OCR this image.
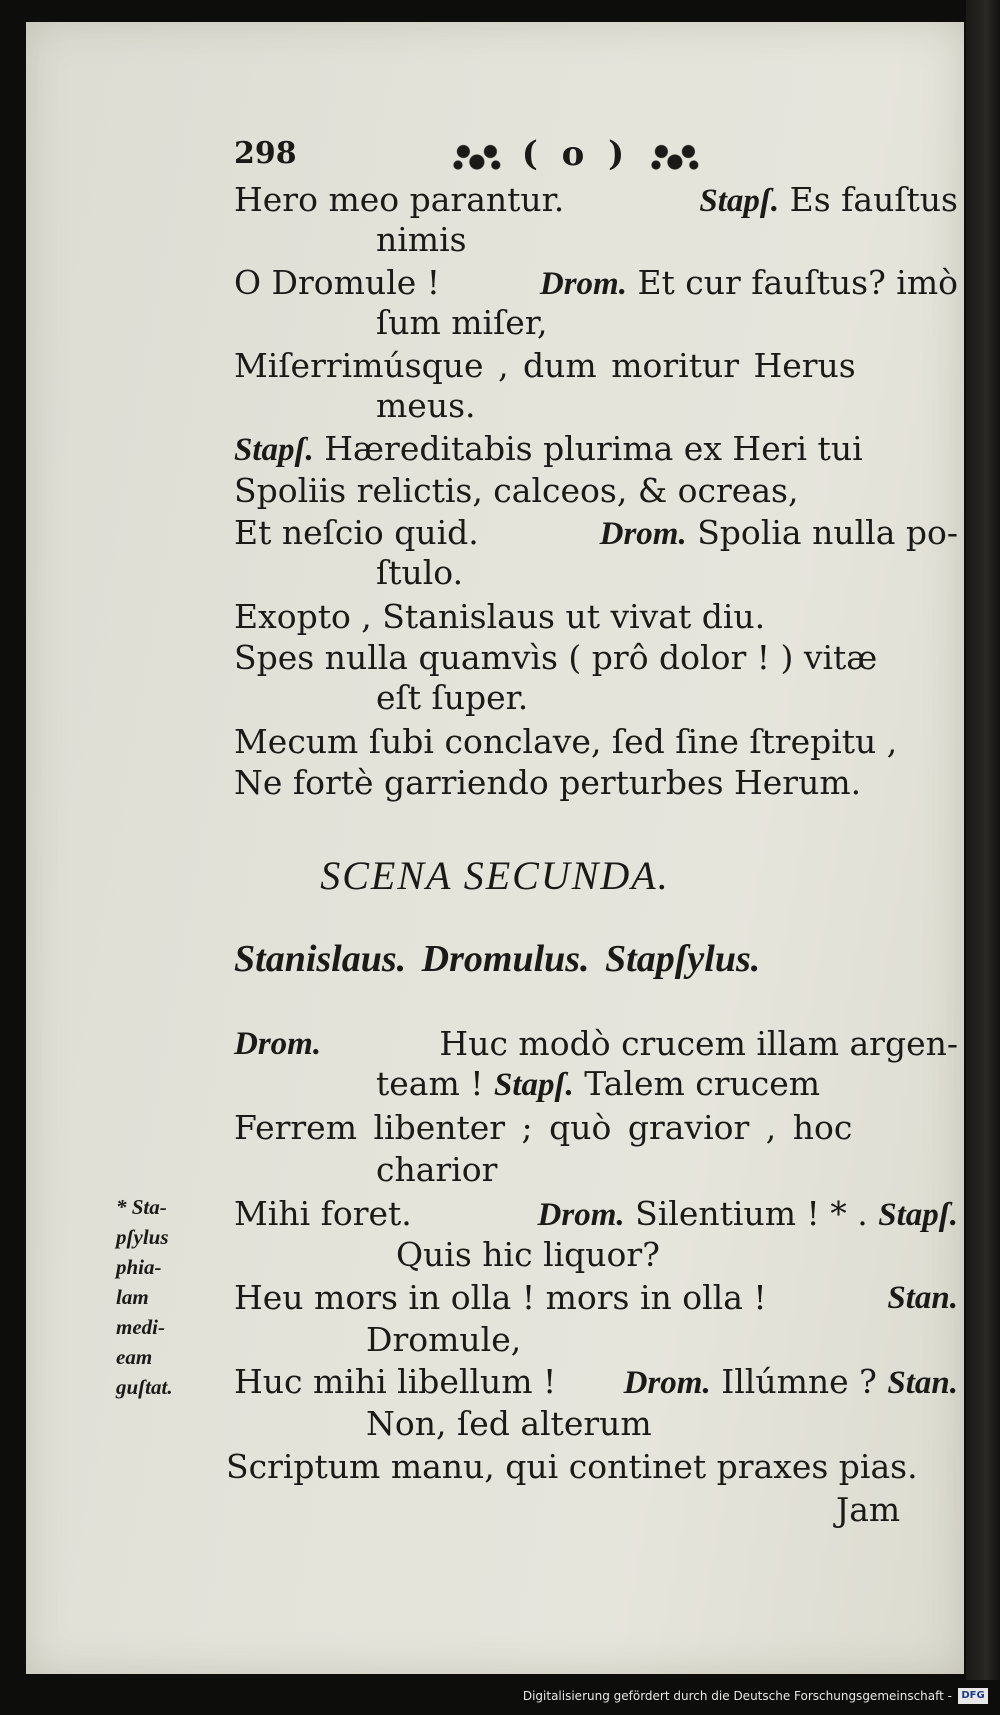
298	( o )
Hero meo parantur.	Stapſ. Es fauſtus
nimis
O Dromule !	Drom. Et cur fauſtus? imò
ſum miſer,
Miſerrimúsque , dum moritur Herus
meus.
Stapſ. Hæreditabis plurima ex Heri tui
Spoliis relictis, calceos, & ocreas,
Et neſcio quid.	Drom. Spolia nulla po-
ſtulo.
Exopto , Stanislaus ut vivat diu.
Spes nulla quamvìs ( prô dolor ! ) vitæ
eſt ſuper.
Mecum ſubi conclave, ſed ſine ſtrepitu ,
Ne fortè garriendo perturbes Herum.
SCENA SECUNDA.
Stanislaus. Dromulus. Stapſylus.
Drom.	Huc modò crucem illam argen-
team ! Stapſ. Talem crucem
Ferrem libenter ; quò gravior , hoc
charior
Mihi foret.	Drom. Silentium ! * . Stapſ.
Quis hic liquor?
Heu mors in olla ! mors in olla !	Stan.
Dromule,
Huc mihi libellum ! Drom. Illúmne ? Stan.
Non, ſed alterum
Scriptum manu, qui continet praxes pias.
Jam
* Sta-
pſylus
phia-
lam
medi-
eam
guſtat.
Digitalisierung gefördert durch die Deutsche Forschungsgemeinschaft - DFG
